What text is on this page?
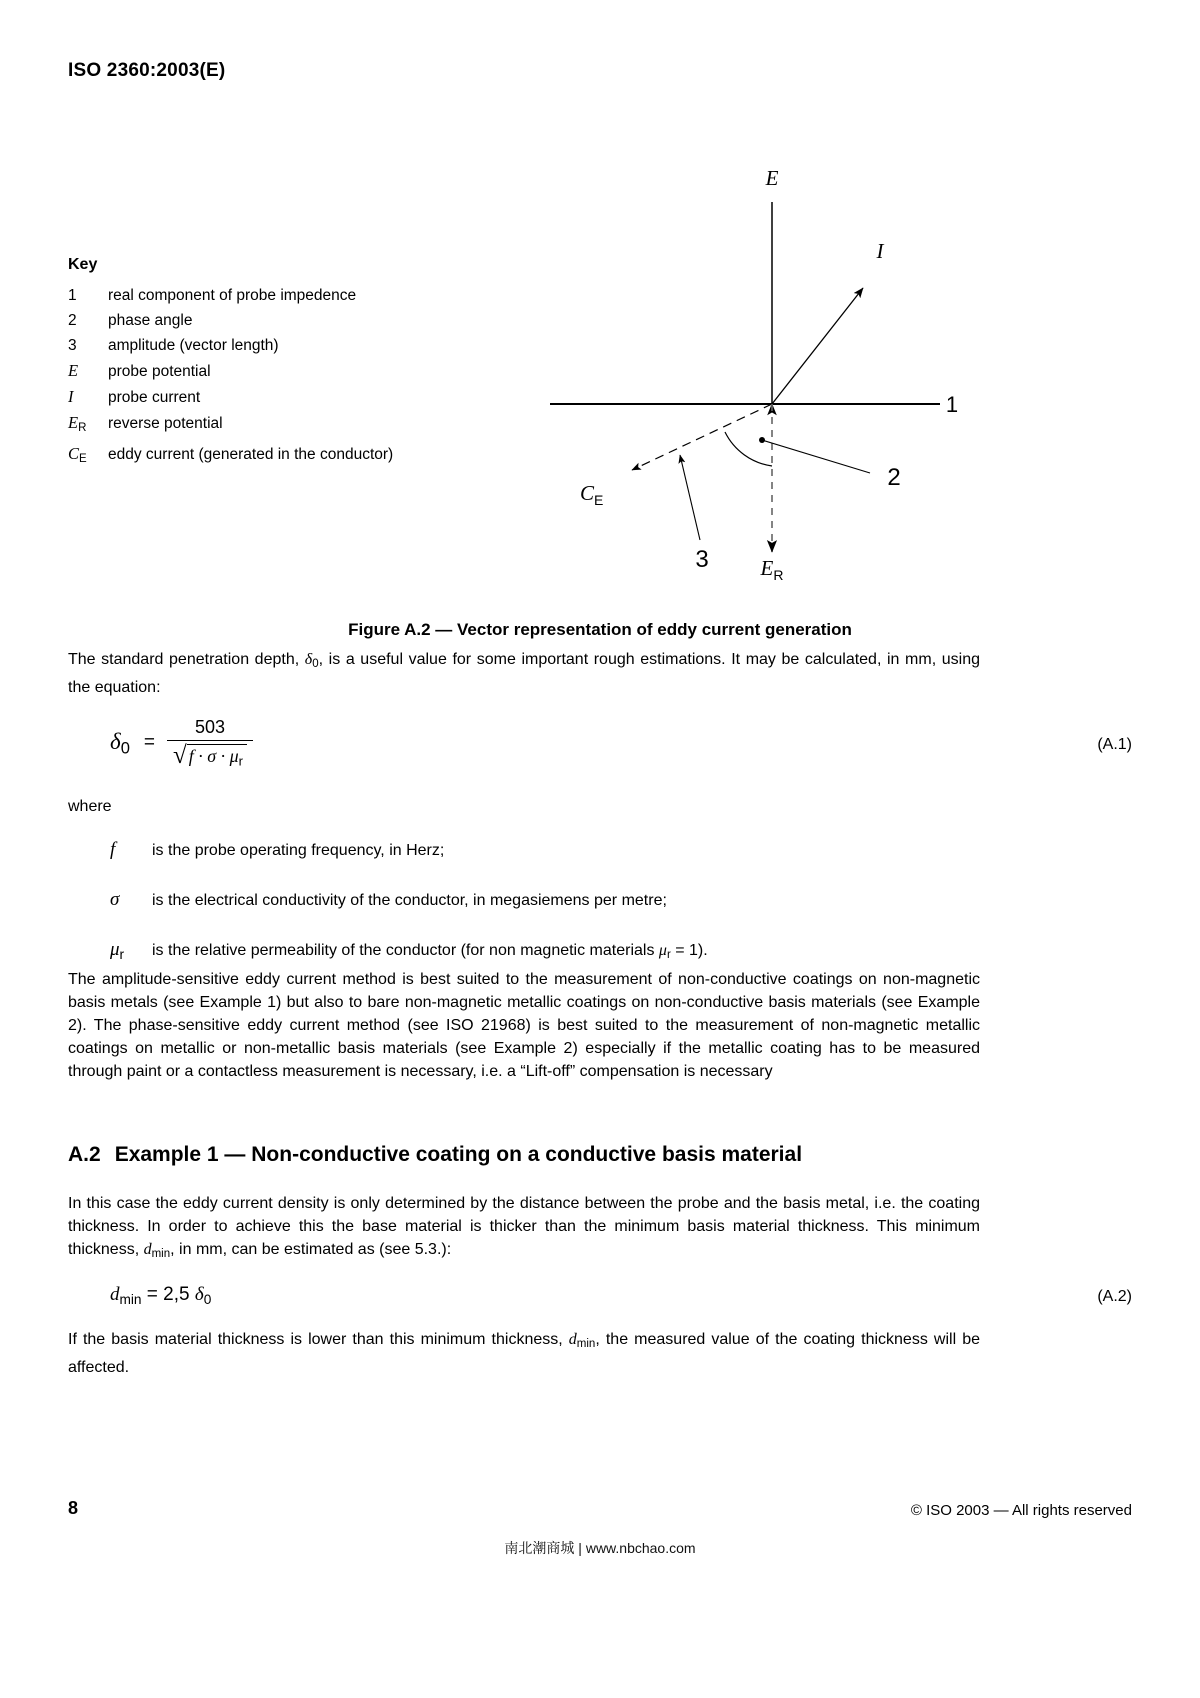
ISO 2360:2003(E)
Key
1	real component of probe impedence
2	phase angle
3	amplitude (vector length)
E	probe potential
I	probe current
$E_R$	reverse potential
$C_E$	eddy current (generated in the conductor)
E
I
1
2
3
$C_E$
$E_R$
Figure A.2 — Vector representation of eddy current generation
The standard penetration depth, $\delta_0$, is a useful value for some important rough estimations. It may be calculated, in mm, using the equation:
$\delta_0 = \frac{503}{√ f \cdot \sigma \cdot \mu_r}$	(A.1)
where
f	is the probe operating frequency, in Herz;
σ	is the electrical conductivity of the conductor, in megasiemens per metre;
$\mu_r$	is the relative permeability of the conductor (for non magnetic materials $\mu_r = 1$).
The amplitude-sensitive eddy current method is best suited to the measurement of non-conductive coatings on non-magnetic basis metals (see Example 1) but also to bare non-magnetic metallic coatings on non-conductive basis materials (see Example 2). The phase-sensitive eddy current method (see ISO 21968) is best suited to the measurement of non-magnetic metallic coatings on metallic or non-metallic basis materials (see Example 2) especially if the metallic coating has to be measured through paint or a contactless measurement is necessary, i.e. a “Lift-off” compensation is necessary
A.2 Example 1 — Non-conductive coating on a conductive basis material
In this case the eddy current density is only determined by the distance between the probe and the basis metal, i.e. the coating thickness. In order to achieve this the base material is thicker than the minimum basis material thickness. This minimum thickness, $d_{min}$, in mm, can be estimated as (see 5.3.):
$d_{min} = 2,5$ $\delta_0$	(A.2)
If the basis material thickness is lower than this minimum thickness, $d_{min}$, the measured value of the coating thickness will be affected.
8	© ISO 2003 — All rights reserved
南北潮商城 | www.nbchao.com
